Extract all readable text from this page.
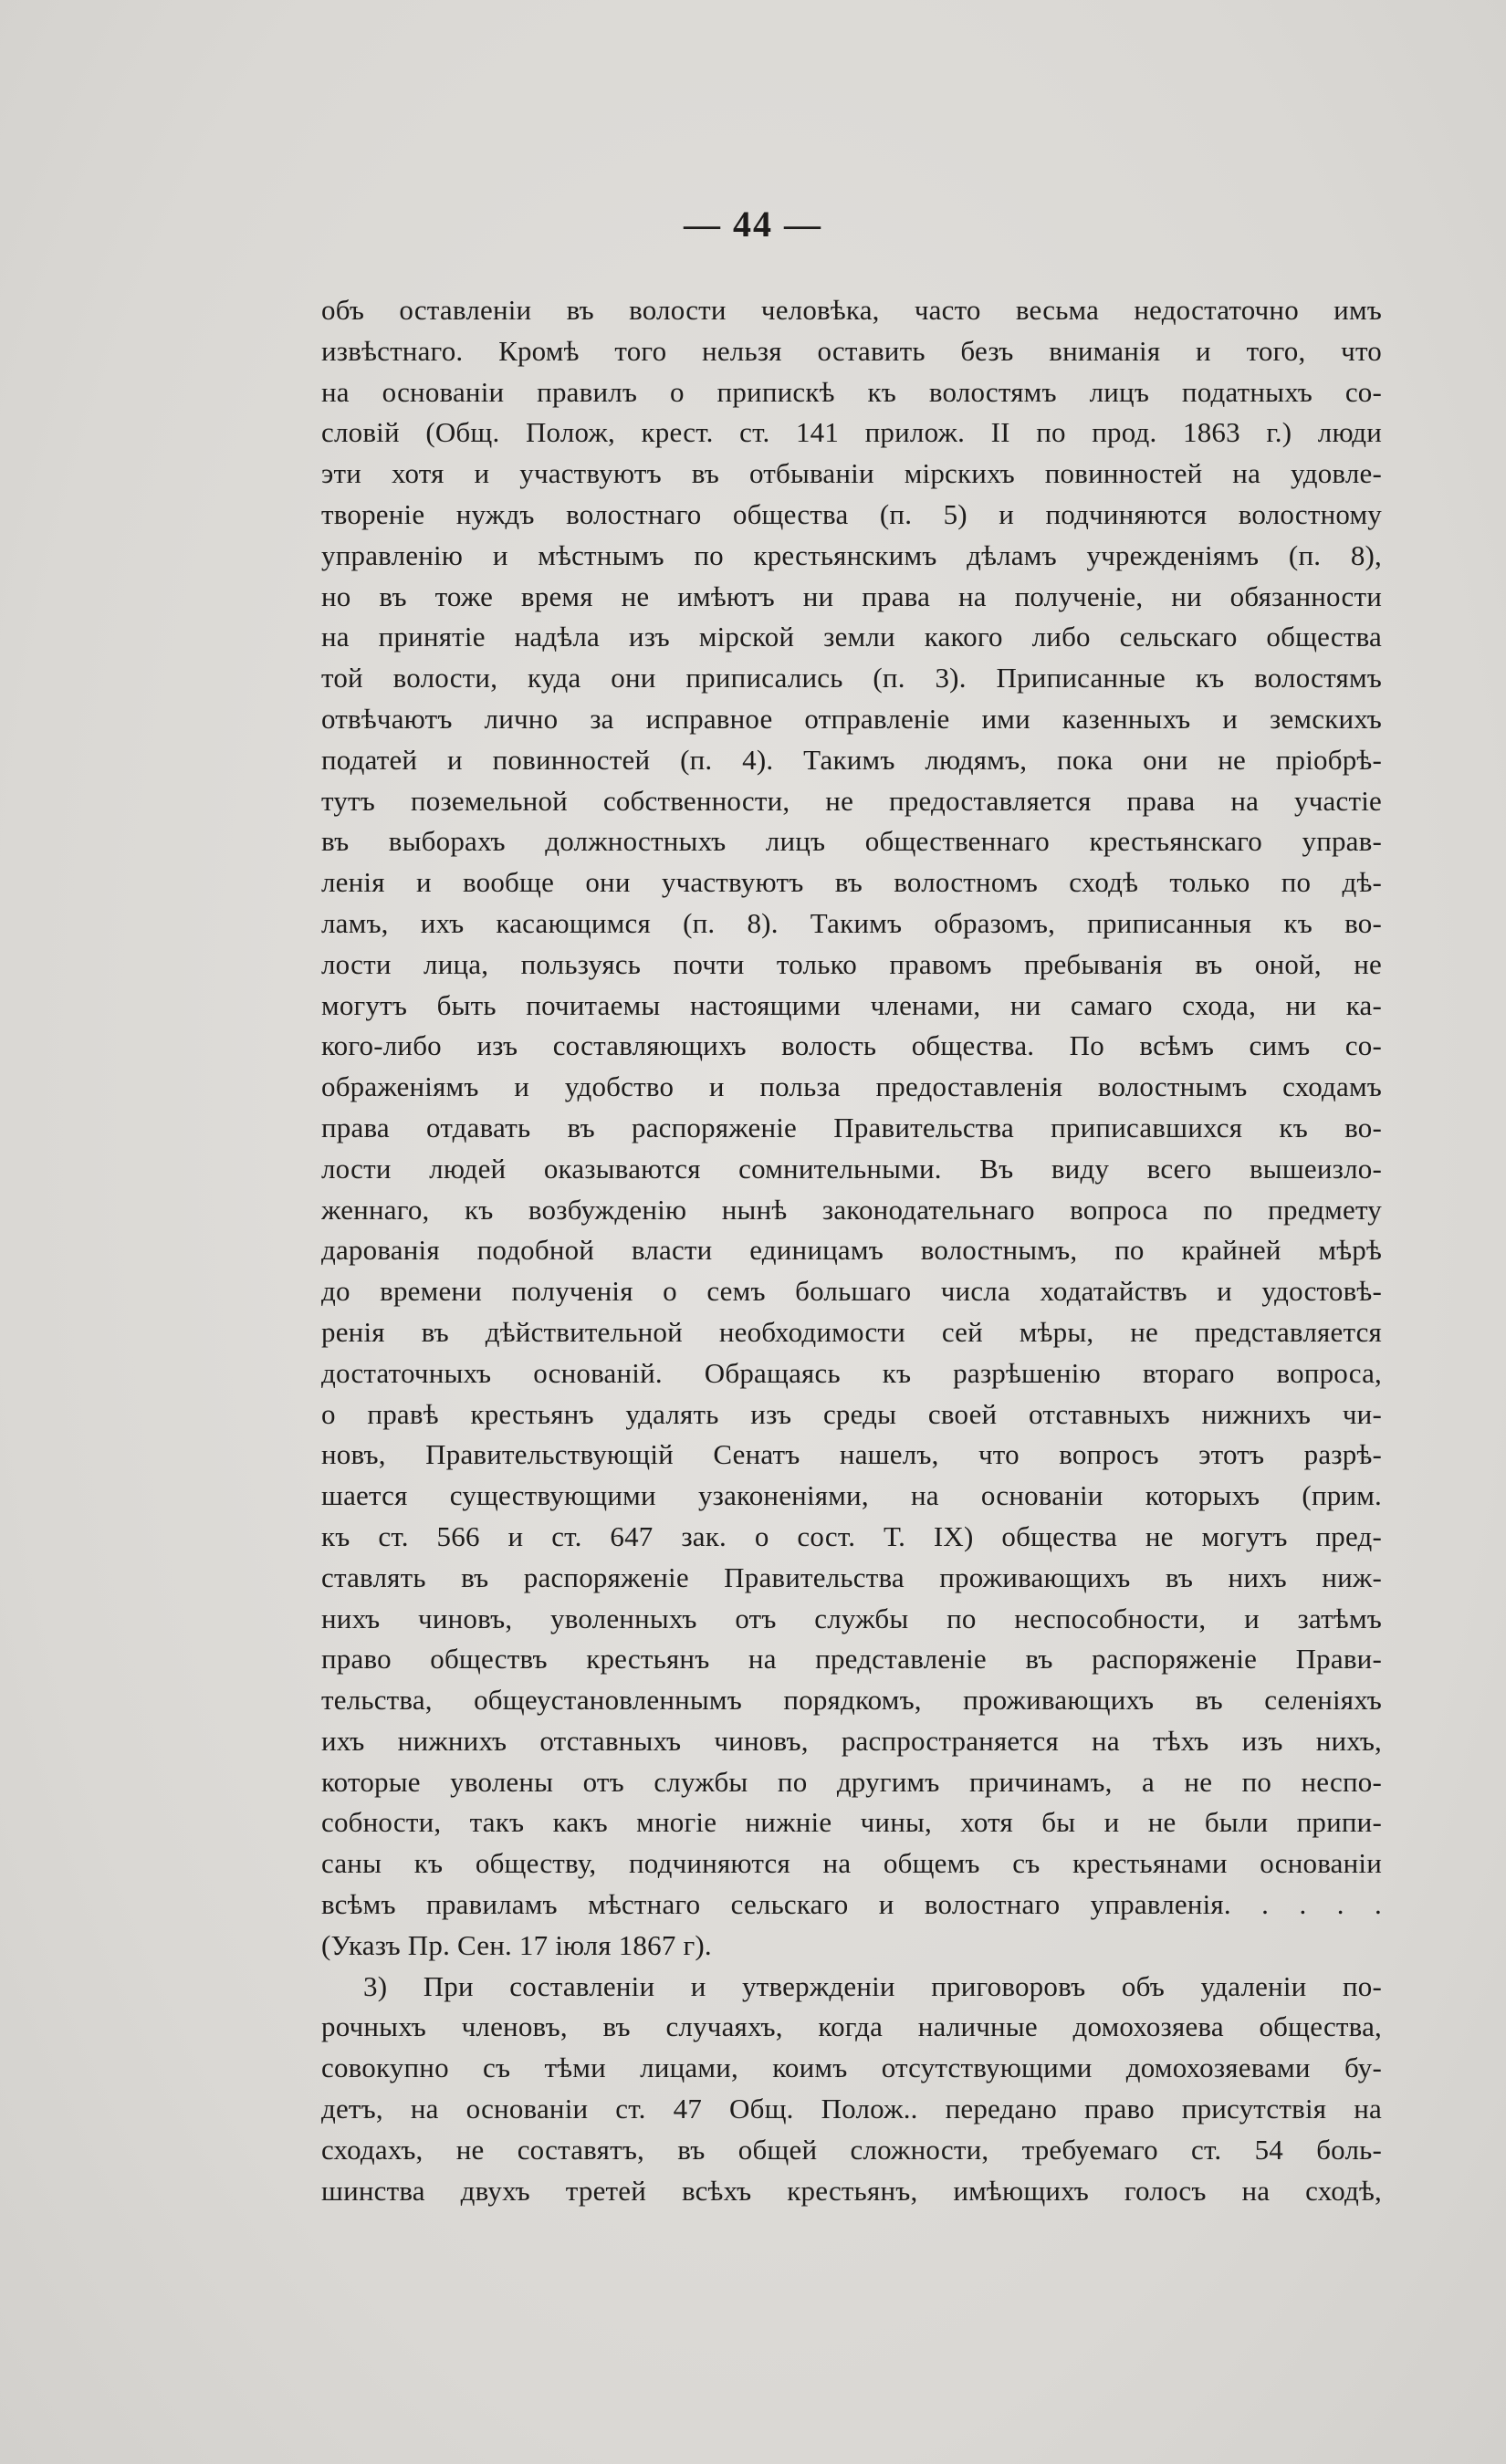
— 44 —
объ оставленіи въ волости человѣка, часто весьма недостаточно имъ
извѣстнаго. Кромѣ того нельзя оставить безъ вниманія и того, что
на основаніи правилъ о припискѣ къ волостямъ лицъ податныхъ со-
словій (Общ. Полож, крест. ст. 141 прилож. II по прод. 1863 г.) люди
эти хотя и участвуютъ въ отбываніи мірскихъ повинностей на удовле-
твореніе нуждъ волостнаго общества (п. 5) и подчиняются волостному
управленію и мѣстнымъ по крестьянскимъ дѣламъ учрежденіямъ (п. 8),
но въ тоже время не имѣютъ ни права на полученіе, ни обязанности
на принятіе надѣла изъ мірской земли какого либо сельскаго общества
той волости, куда они приписались (п. 3). Приписанные къ волостямъ
отвѣчаютъ лично за исправное отправленіе ими казенныхъ и земскихъ
податей и повинностей (п. 4). Такимъ людямъ, пока они не пріобрѣ-
тутъ поземельной собственности, не предоставляется права на участіе
въ выборахъ должностныхъ лицъ общественнаго крестьянскаго управ-
ленія и вообще они участвуютъ въ волостномъ сходѣ только по дѣ-
ламъ, ихъ касающимся (п. 8). Такимъ образомъ, приписанныя къ во-
лости лица, пользуясь почти только правомъ пребыванія въ оной, не
могутъ быть почитаемы настоящими членами, ни самаго схода, ни ка-
кого-либо изъ составляющихъ волость общества. По всѣмъ симъ со-
ображеніямъ и удобство и польза предоставленія волостнымъ сходамъ
права отдавать въ распоряженіе Правительства приписавшихся къ во-
лости людей оказываются сомнительными. Въ виду всего вышеизло-
женнаго, къ возбужденію нынѣ законодательнаго вопроса по предмету
дарованія подобной власти единицамъ волостнымъ, по крайней мѣрѣ
до времени полученія о семъ большаго числа ходатайствъ и удостовѣ-
ренія въ дѣйствительной необходимости сей мѣры, не представляется
достаточныхъ основаній. Обращаясь къ разрѣшенію втораго вопроса,
о правѣ крестьянъ удалять изъ среды своей отставныхъ нижнихъ чи-
новъ, Правительствующій Сенатъ нашелъ, что вопросъ этотъ разрѣ-
шается существующими узаконеніями, на основаніи которыхъ (прим.
къ ст. 566 и ст. 647 зак. о сост. Т. IX) общества не могутъ пред-
ставлять въ распоряженіе Правительства проживающихъ въ нихъ ниж-
нихъ чиновъ, уволенныхъ отъ службы по неспособности, и затѣмъ
право обществъ крестьянъ на представленіе въ распоряженіе Прави-
тельства, общеустановленнымъ порядкомъ, проживающихъ въ селеніяхъ
ихъ нижнихъ отставныхъ чиновъ, распространяется на тѣхъ изъ нихъ,
которые уволены отъ службы по другимъ причинамъ, а не по неспо-
собности, такъ какъ многіе нижніе чины, хотя бы и не были припи-
саны къ обществу, подчиняются на общемъ съ крестьянами основаніи
всѣмъ правиламъ мѣстнаго сельскаго и волостнаго управленія. . . . .
(Указъ Пр. Сен. 17 іюля 1867 г).
3) При составленіи и утвержденіи приговоровъ объ удаленіи по-
рочныхъ членовъ, въ случаяхъ, когда наличные домохозяева общества,
совокупно съ тѣми лицами, коимъ отсутствующими домохозяевами бу-
детъ, на основаніи ст. 47 Общ. Полож.. передано право присутствія на
сходахъ, не составятъ, въ общей сложности, требуемаго ст. 54 боль-
шинства двухъ третей всѣхъ крестьянъ, имѣющихъ голосъ на сходѣ,
